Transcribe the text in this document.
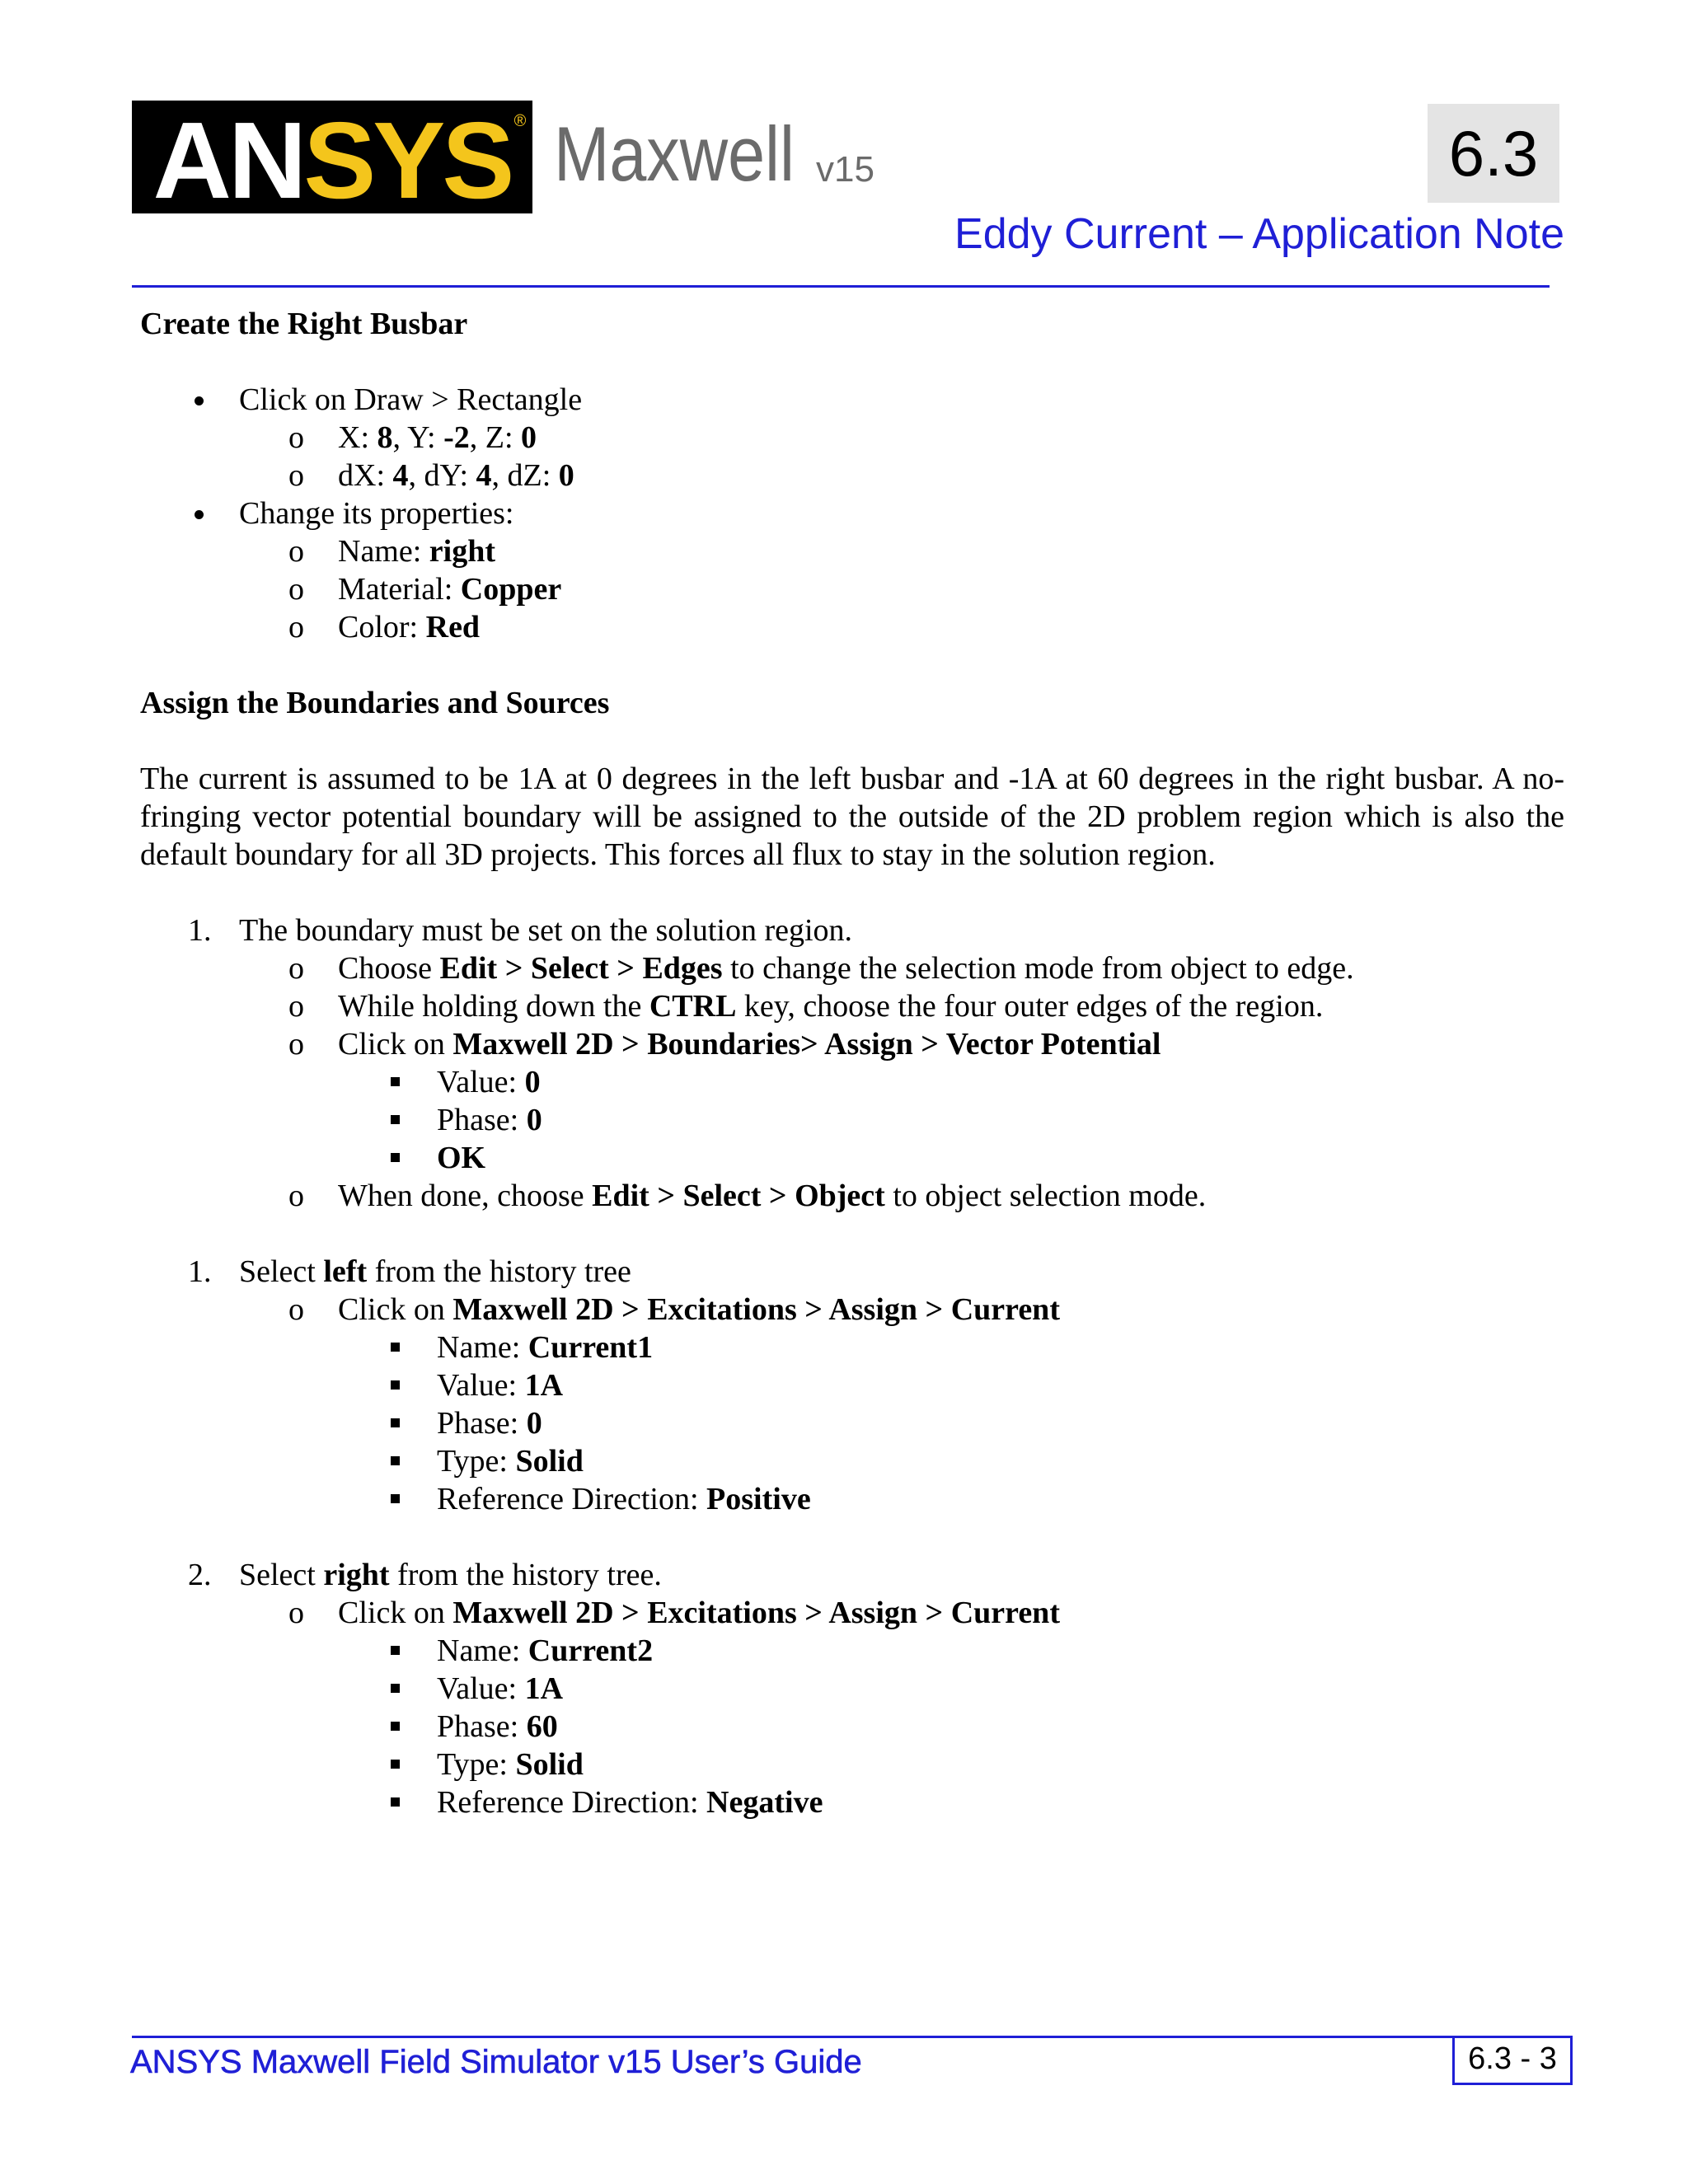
ANSYS ® Maxwell v15	6.3
Eddy Current – Application Note
Create the Right Busbar
Click on Draw > Rectangle
o X: 8, Y: -2, Z: 0
o dX: 4, dY: 4, dZ: 0
Change its properties:
o Name: right
o Material: Copper
o Color: Red
Assign the Boundaries and Sources

The current is assumed to be 1A at 0 degrees in the left busbar and -1A at 60 degrees in the right busbar. A no-fringing vector potential boundary will be assigned to the outside of the 2D problem region which is also the default boundary for all 3D projects. This forces all flux to stay in the solution region.

1. The boundary must be set on the solution region.
o Choose Edit > Select > Edges to change the selection mode from object to edge.
o While holding down the CTRL key, choose the four outer edges of the region.
o Click on Maxwell 2D > Boundaries> Assign > Vector Potential
Value: 0
Phase: 0
OK
o When done, choose Edit > Select > Object to object selection mode.
1. Select left from the history tree
o Click on Maxwell 2D > Excitations > Assign > Current
Name: Current1
Value: 1A
Phase: 0
Type: Solid
Reference Direction: Positive
2. Select right from the history tree.
o Click on Maxwell 2D > Excitations > Assign > Current
Name: Current2
Value: 1A
Phase: 60
Type: Solid
Reference Direction: Negative
ANSYS Maxwell Field Simulator v15 User’s Guide	6.3 - 3
